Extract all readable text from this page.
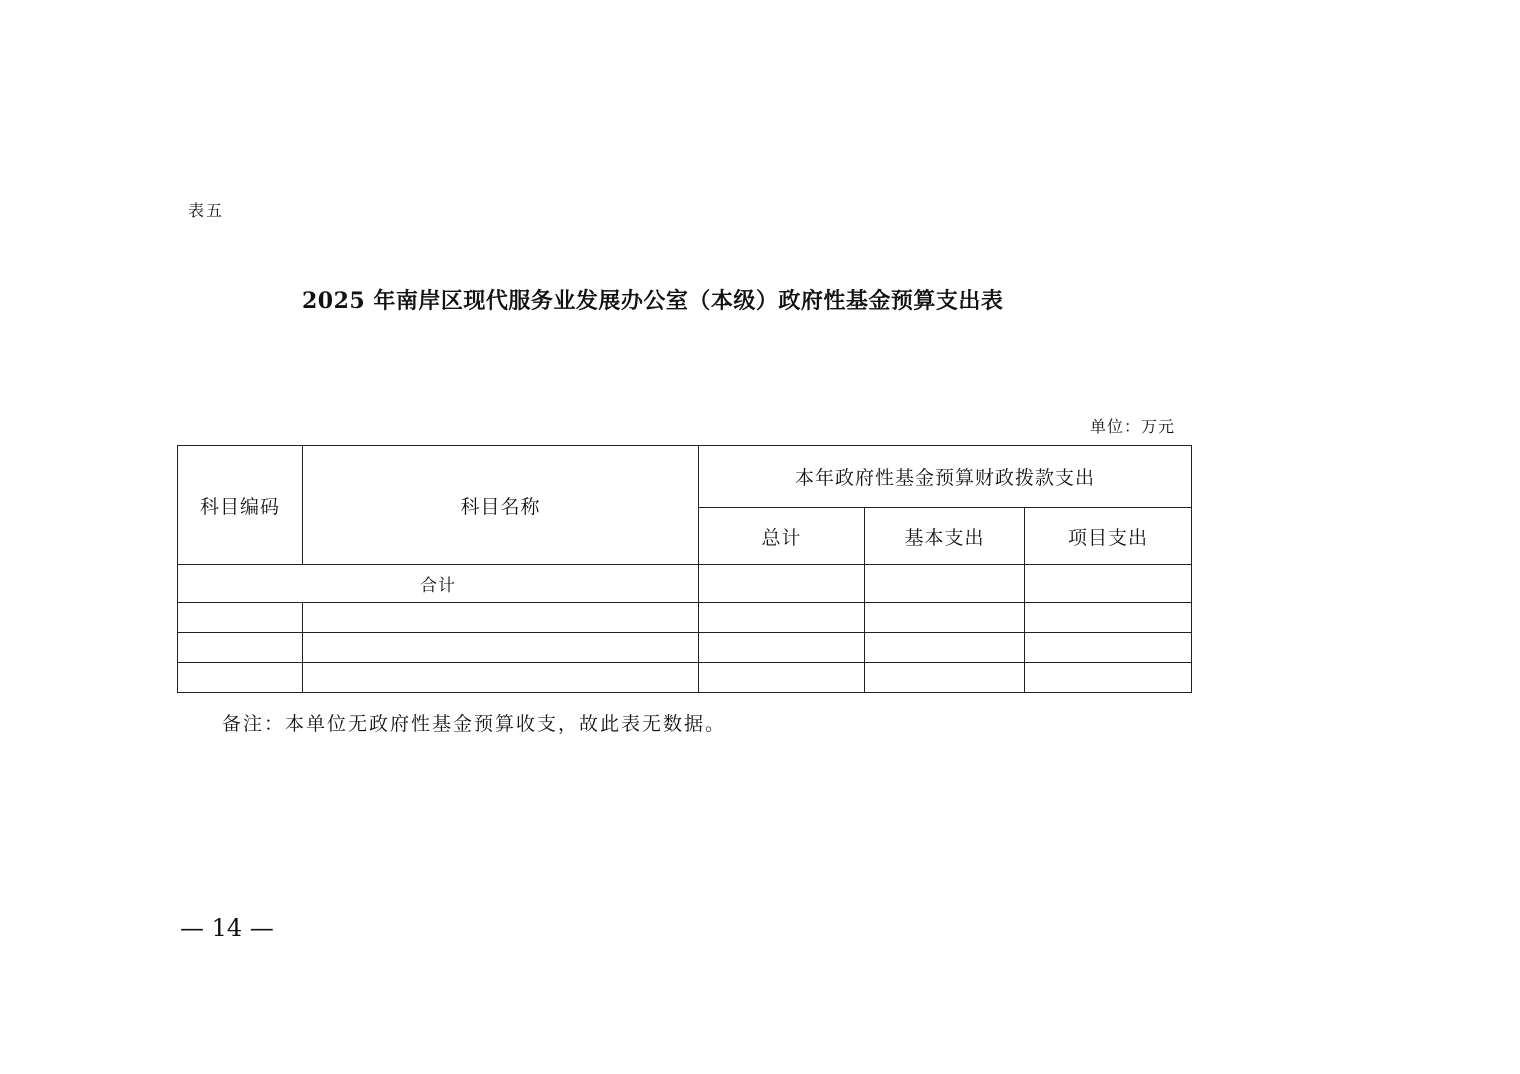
表五
2025 年南岸区现代服务业发展办公室（本级）政府性基金预算支出表
单位：万元
科目编码	科目名称	本年政府性基金预算财政拨款支出		
		总计	基本支出	项目支出
合计				

备注：本单位无政府性基金预算收支，故此表无数据。
— 14 —
